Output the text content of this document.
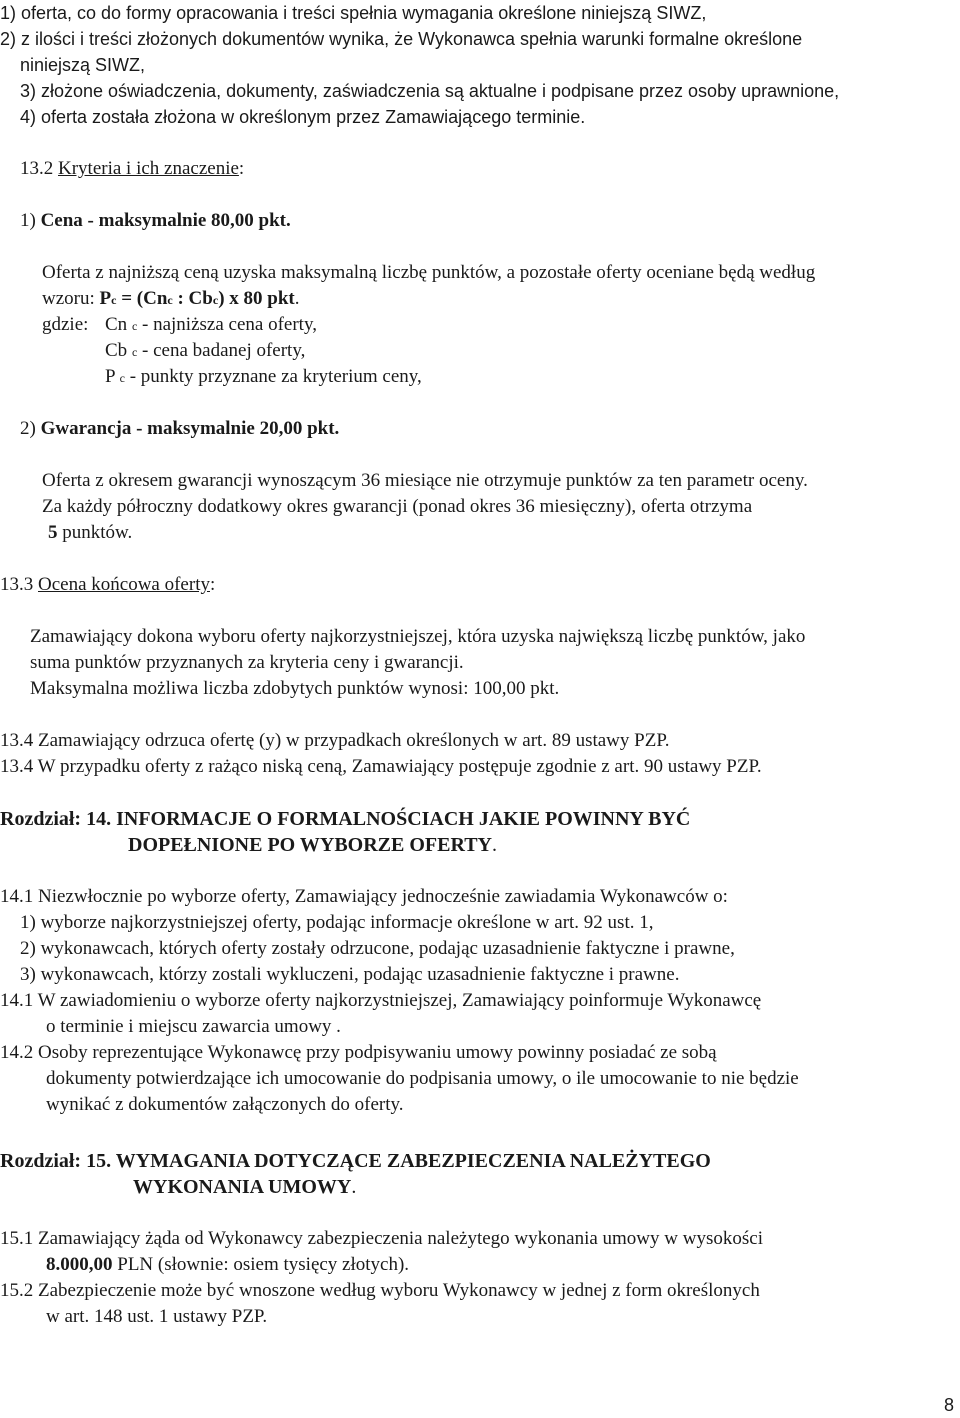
1) oferta, co do formy opracowania i treści spełnia wymagania określone niniejszą SIWZ,
2) z ilości i treści złożonych dokumentów wynika, że Wykonawca spełnia warunki formalne określone
niniejszą SIWZ,
3) złożone oświadczenia, dokumenty, zaświadczenia są aktualne i podpisane przez osoby uprawnione,
4) oferta została złożona w określonym przez Zamawiającego terminie.
13.2 Kryteria i ich znaczenie:
1) Cena - maksymalnie 80,00 pkt.
Oferta z najniższą ceną uzyska maksymalną liczbę punktów, a pozostałe oferty oceniane będą według
wzoru: Pc = (Cnc : Cbc) x 80 pkt.
gdzie: Cn c - najniższa cena oferty,
Cb c - cena badanej oferty,
P c - punkty przyznane za kryterium ceny,
2) Gwarancja - maksymalnie 20,00 pkt.
Oferta z okresem gwarancji wynoszącym 36 miesiące nie otrzymuje punktów za ten parametr oceny.
Za każdy półroczny dodatkowy okres gwarancji (ponad okres 36 miesięczny), oferta otrzyma
5 punktów.
13.3 Ocena końcowa oferty:
Zamawiający dokona wyboru oferty najkorzystniejszej, która uzyska największą liczbę punktów, jako
suma punktów przyznanych za kryteria ceny i gwarancji.
Maksymalna możliwa liczba zdobytych punktów wynosi: 100,00 pkt.
13.4 Zamawiający odrzuca ofertę (y) w przypadkach określonych w art. 89 ustawy PZP.
13.4 W przypadku oferty z rażąco niską ceną, Zamawiający postępuje zgodnie z art. 90 ustawy PZP.
Rozdział: 14. INFORMACJE O FORMALNOŚCIACH JAKIE POWINNY BYĆ
DOPEŁNIONE PO WYBORZE OFERTY.
14.1 Niezwłocznie po wyborze oferty, Zamawiający jednocześnie zawiadamia Wykonawców o:
1) wyborze najkorzystniejszej oferty, podając informacje określone w art. 92 ust. 1,
2) wykonawcach, których oferty zostały odrzucone, podając uzasadnienie faktyczne i prawne,
3) wykonawcach, którzy zostali wykluczeni, podając uzasadnienie faktyczne i prawne.
14.1 W zawiadomieniu o wyborze oferty najkorzystniejszej, Zamawiający poinformuje Wykonawcę
o terminie i miejscu zawarcia umowy .
14.2 Osoby reprezentujące Wykonawcę przy podpisywaniu umowy powinny posiadać ze sobą
dokumenty potwierdzające ich umocowanie do podpisania umowy, o ile umocowanie to nie będzie
wynikać z dokumentów załączonych do oferty.
Rozdział: 15. WYMAGANIA DOTYCZĄCE ZABEZPIECZENIA NALEŻYTEGO
WYKONANIA UMOWY.
15.1 Zamawiający żąda od Wykonawcy zabezpieczenia należytego wykonania umowy w wysokości
8.000,00 PLN (słownie: osiem tysięcy złotych).
15.2 Zabezpieczenie może być wnoszone według wyboru Wykonawcy w jednej z form określonych
w art. 148 ust. 1 ustawy PZP.
8
